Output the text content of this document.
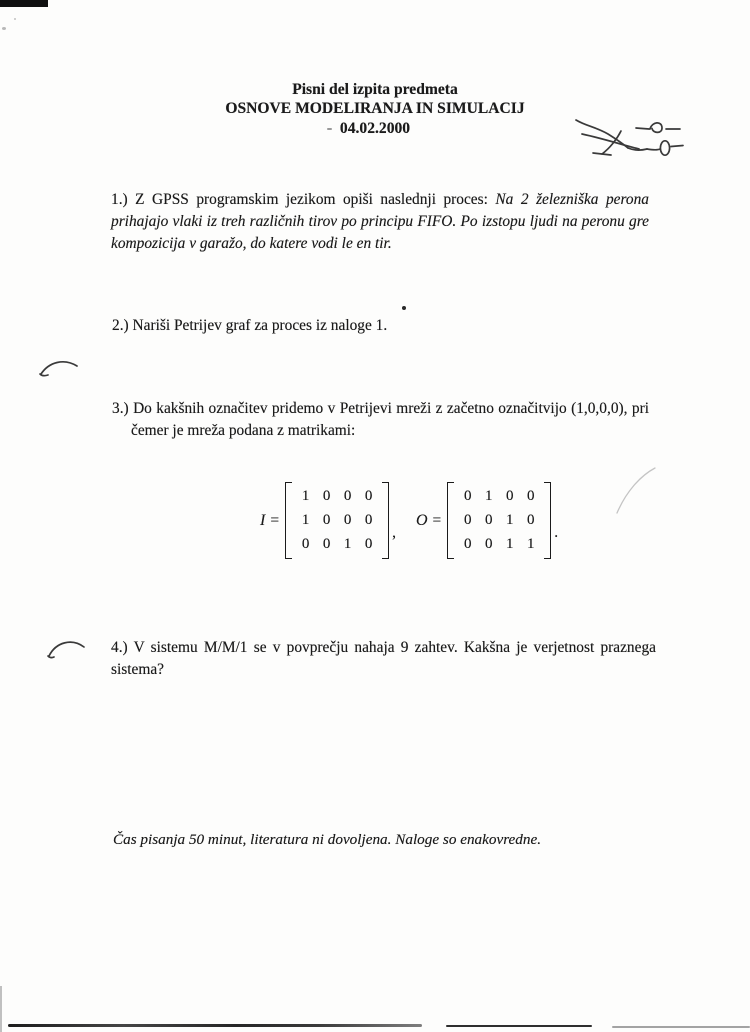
Pisni del izpita predmeta
OSNOVE MODELIRANJA IN SIMULACIJ
04.02.2000
1.) Z GPSS programskim jezikom opiši naslednji proces: Na 2 železniška perona
prihajajo vlaki iz treh različnih tirov po principu FIFO. Po izstopu ljudi na peronu gre
kompozicija v garažo, do katere vodi le en tir.
2.) Nariši Petrijev graf za proces iz naloge 1.
3.) Do kakšnih označitev pridemo v Petrijevi mreži z začetno označitvijo (1,0,0,0), pri
čemer je mreža podana z matrikami:
I =
1 0 0 0
1 0 0 0
0 0 1 0
,
O =
0 1 0 0
0 0 1 0
0 0 1 1
.
4.) V sistemu M/M/1 se v povprečju nahaja 9 zahtev. Kakšna je verjetnost praznega
sistema?
Čas pisanja 50 minut, literatura ni dovoljena. Naloge so enakovredne.
